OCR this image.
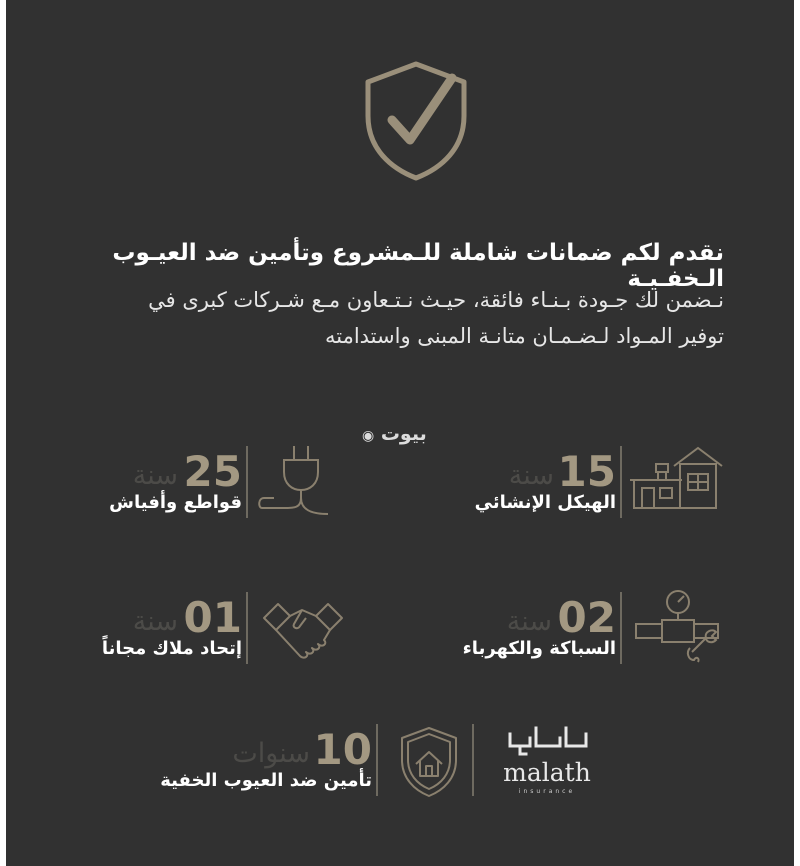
نقدم لكم ضمانات شاملة للـمشروع وتأمين ضد العيـوب الـخفـيـة
نـضمن لك جـودة بـنـاء فائقة، حيـث نـتـعاون مـع شـركات كبرى في
توفير المـواد لـضـمـان متانـة المبنى واستدامته
بيوت ◉
15
سنة
الهيكل الإنشائي
25
سنة
قواطع وأفياش
02
سنة
السباكة والكهرباء
01
سنة
إتحاد ملاك مجاناً
10
سنوات
تأمين ضد العيوب الخفية	malath
insurance
